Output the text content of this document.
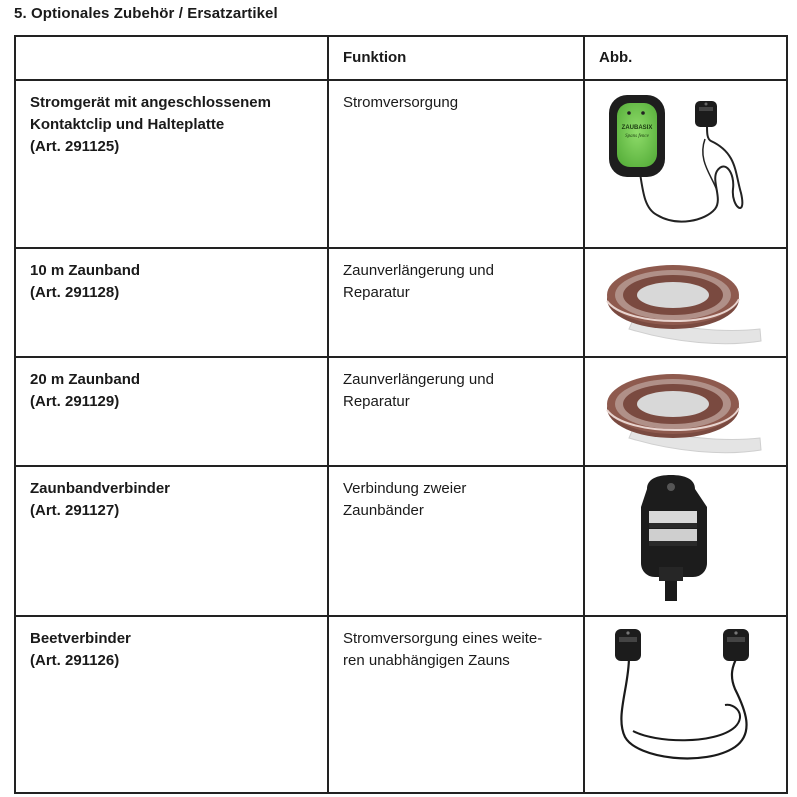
5. Optionales Zubehör / Ersatzartikel

	Funktion	Abb.

Stromgerät mit angeschlossenem
Kontaktclip und Halteplatte
(Art. 291125)	Stromversorgung	ZAUBASIX
Spans fence

10 m Zaunband
(Art. 291128)	Zaunverlängerung und
Reparatur

20 m Zaunband
(Art. 291129)	Zaunverlängerung und
Reparatur

Zaunbandverbinder
(Art. 291127)	Verbindung zweier
Zaunbänder

Beetverbinder
(Art. 291126)	Stromversorgung eines weite-
ren unabhängigen Zauns
